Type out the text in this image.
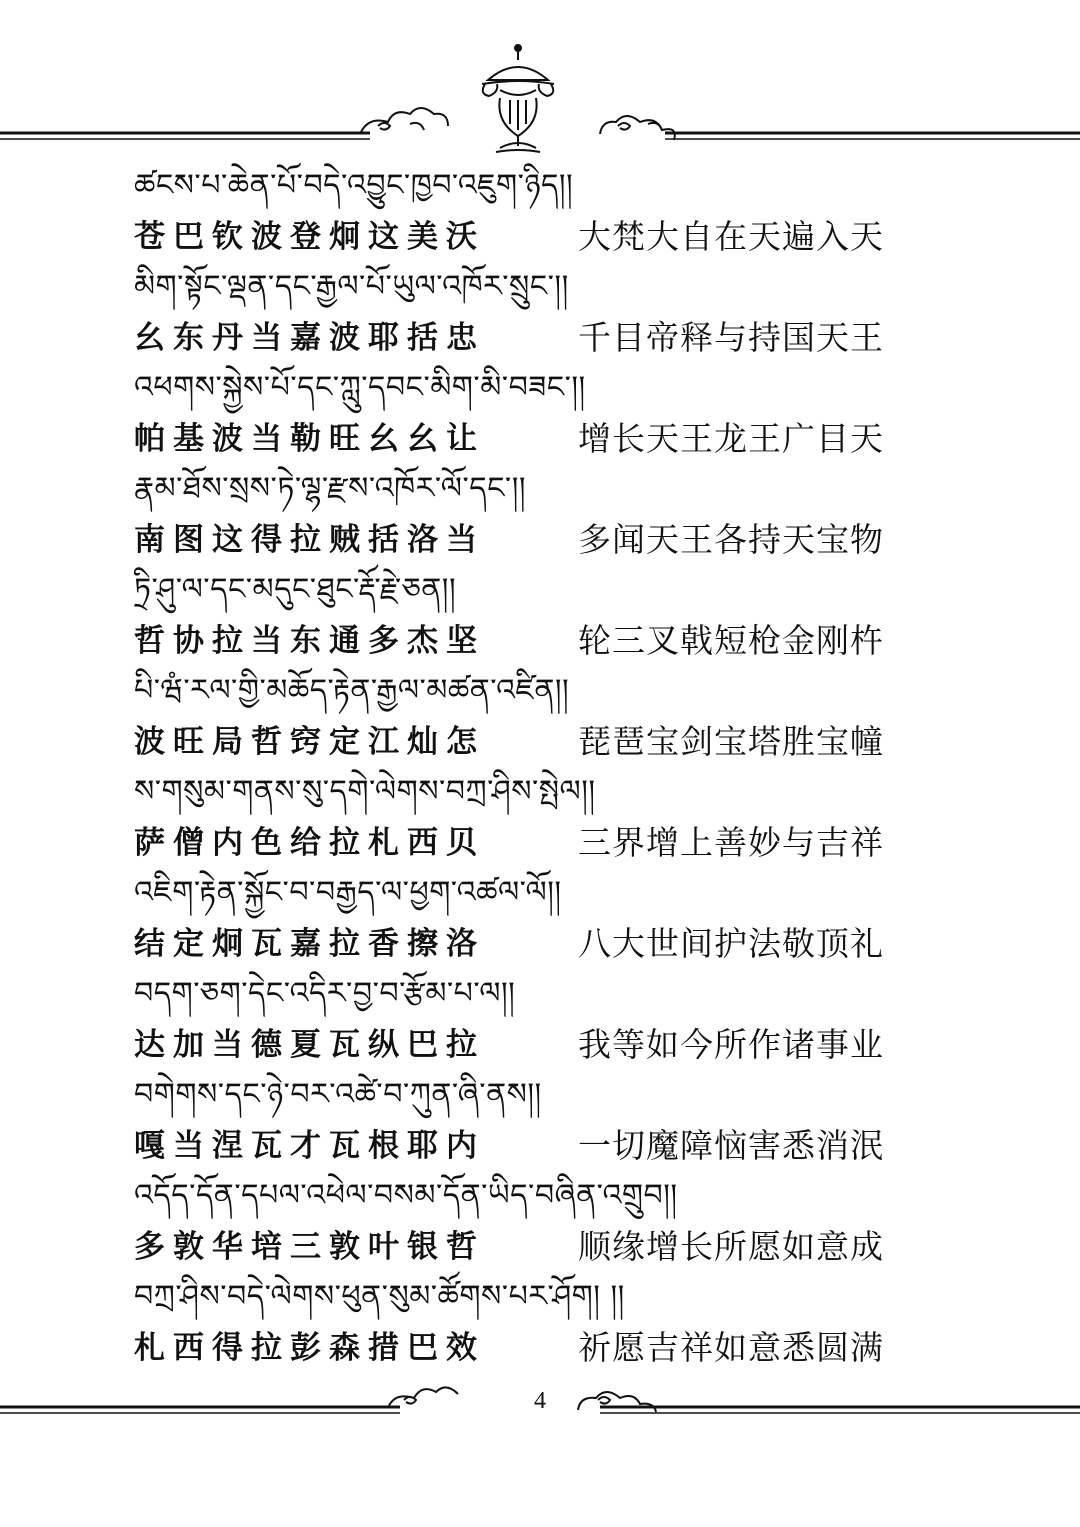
ཚངས་པ་ཆེན་པོ་བདེ་འབྱུང་ཁྱབ་འཇུག་ཉིད།།
苍巴钦波登炯这美沃	大梵大自在天遍入天
མིག་སྟོང་ལྡན་དང་རྒྱལ་པོ་ཡུལ་འཁོར་སྲུང་།།
幺东丹当嘉波耶括忠	千目帝释与持国天王
འཕགས་སྐྱེས་པོ་དང་ཀླུ་དབང་མིག་མི་བཟང་།།
帕基波当勒旺幺幺让	增长天王龙王广目天
རྣམ་ཐོས་སྲས་ཏེ་ལྷ་རྫས་འཁོར་ལོ་དང་།།
南图这得拉贼括洛当	多闻天王各持天宝物
ཏྲི་ཤུ་ལ་དང་མདུང་ཐུང་རྡོ་རྗེ་ཅན།།
哲协拉当东通多杰坚	轮三叉戟短枪金刚杵
པི་ཝཾ་རལ་གྱི་མཆོད་རྟེན་རྒྱལ་མཚན་འཛིན།།
波旺局哲窍定江灿怎	琵琶宝剑宝塔胜宝幢
ས་གསུམ་གནས་སུ་དགེ་ལེགས་བཀྲ་ཤིས་སྤེལ།།
萨僧内色给拉札西贝	三界增上善妙与吉祥
འཇིག་རྟེན་སྐྱོང་བ་བརྒྱད་ལ་ཕྱག་འཚལ་ལོ།།
结定炯瓦嘉拉香擦洛	八大世间护法敬顶礼
བདག་ཅག་དེང་འདིར་བྱ་བ་རྩོམ་པ་ལ།།
达加当德夏瓦纵巴拉	我等如今所作诸事业
བགེགས་དང་ཉེ་བར་འཚེ་བ་ཀུན་ཞི་ནས།།
嘎当涅瓦才瓦根耶内	一切魔障恼害悉消泯
འདོད་དོན་དཔལ་འཕེལ་བསམ་དོན་ཡིད་བཞིན་འགྲུབ།།
多敦华培三敦叶银哲	顺缘增长所愿如意成
བཀྲ་ཤིས་བདེ་ལེགས་ཕུན་སུམ་ཚོགས་པར་ཤོག། །།
札西得拉彭森措巴效	祈愿吉祥如意悉圆满
4
